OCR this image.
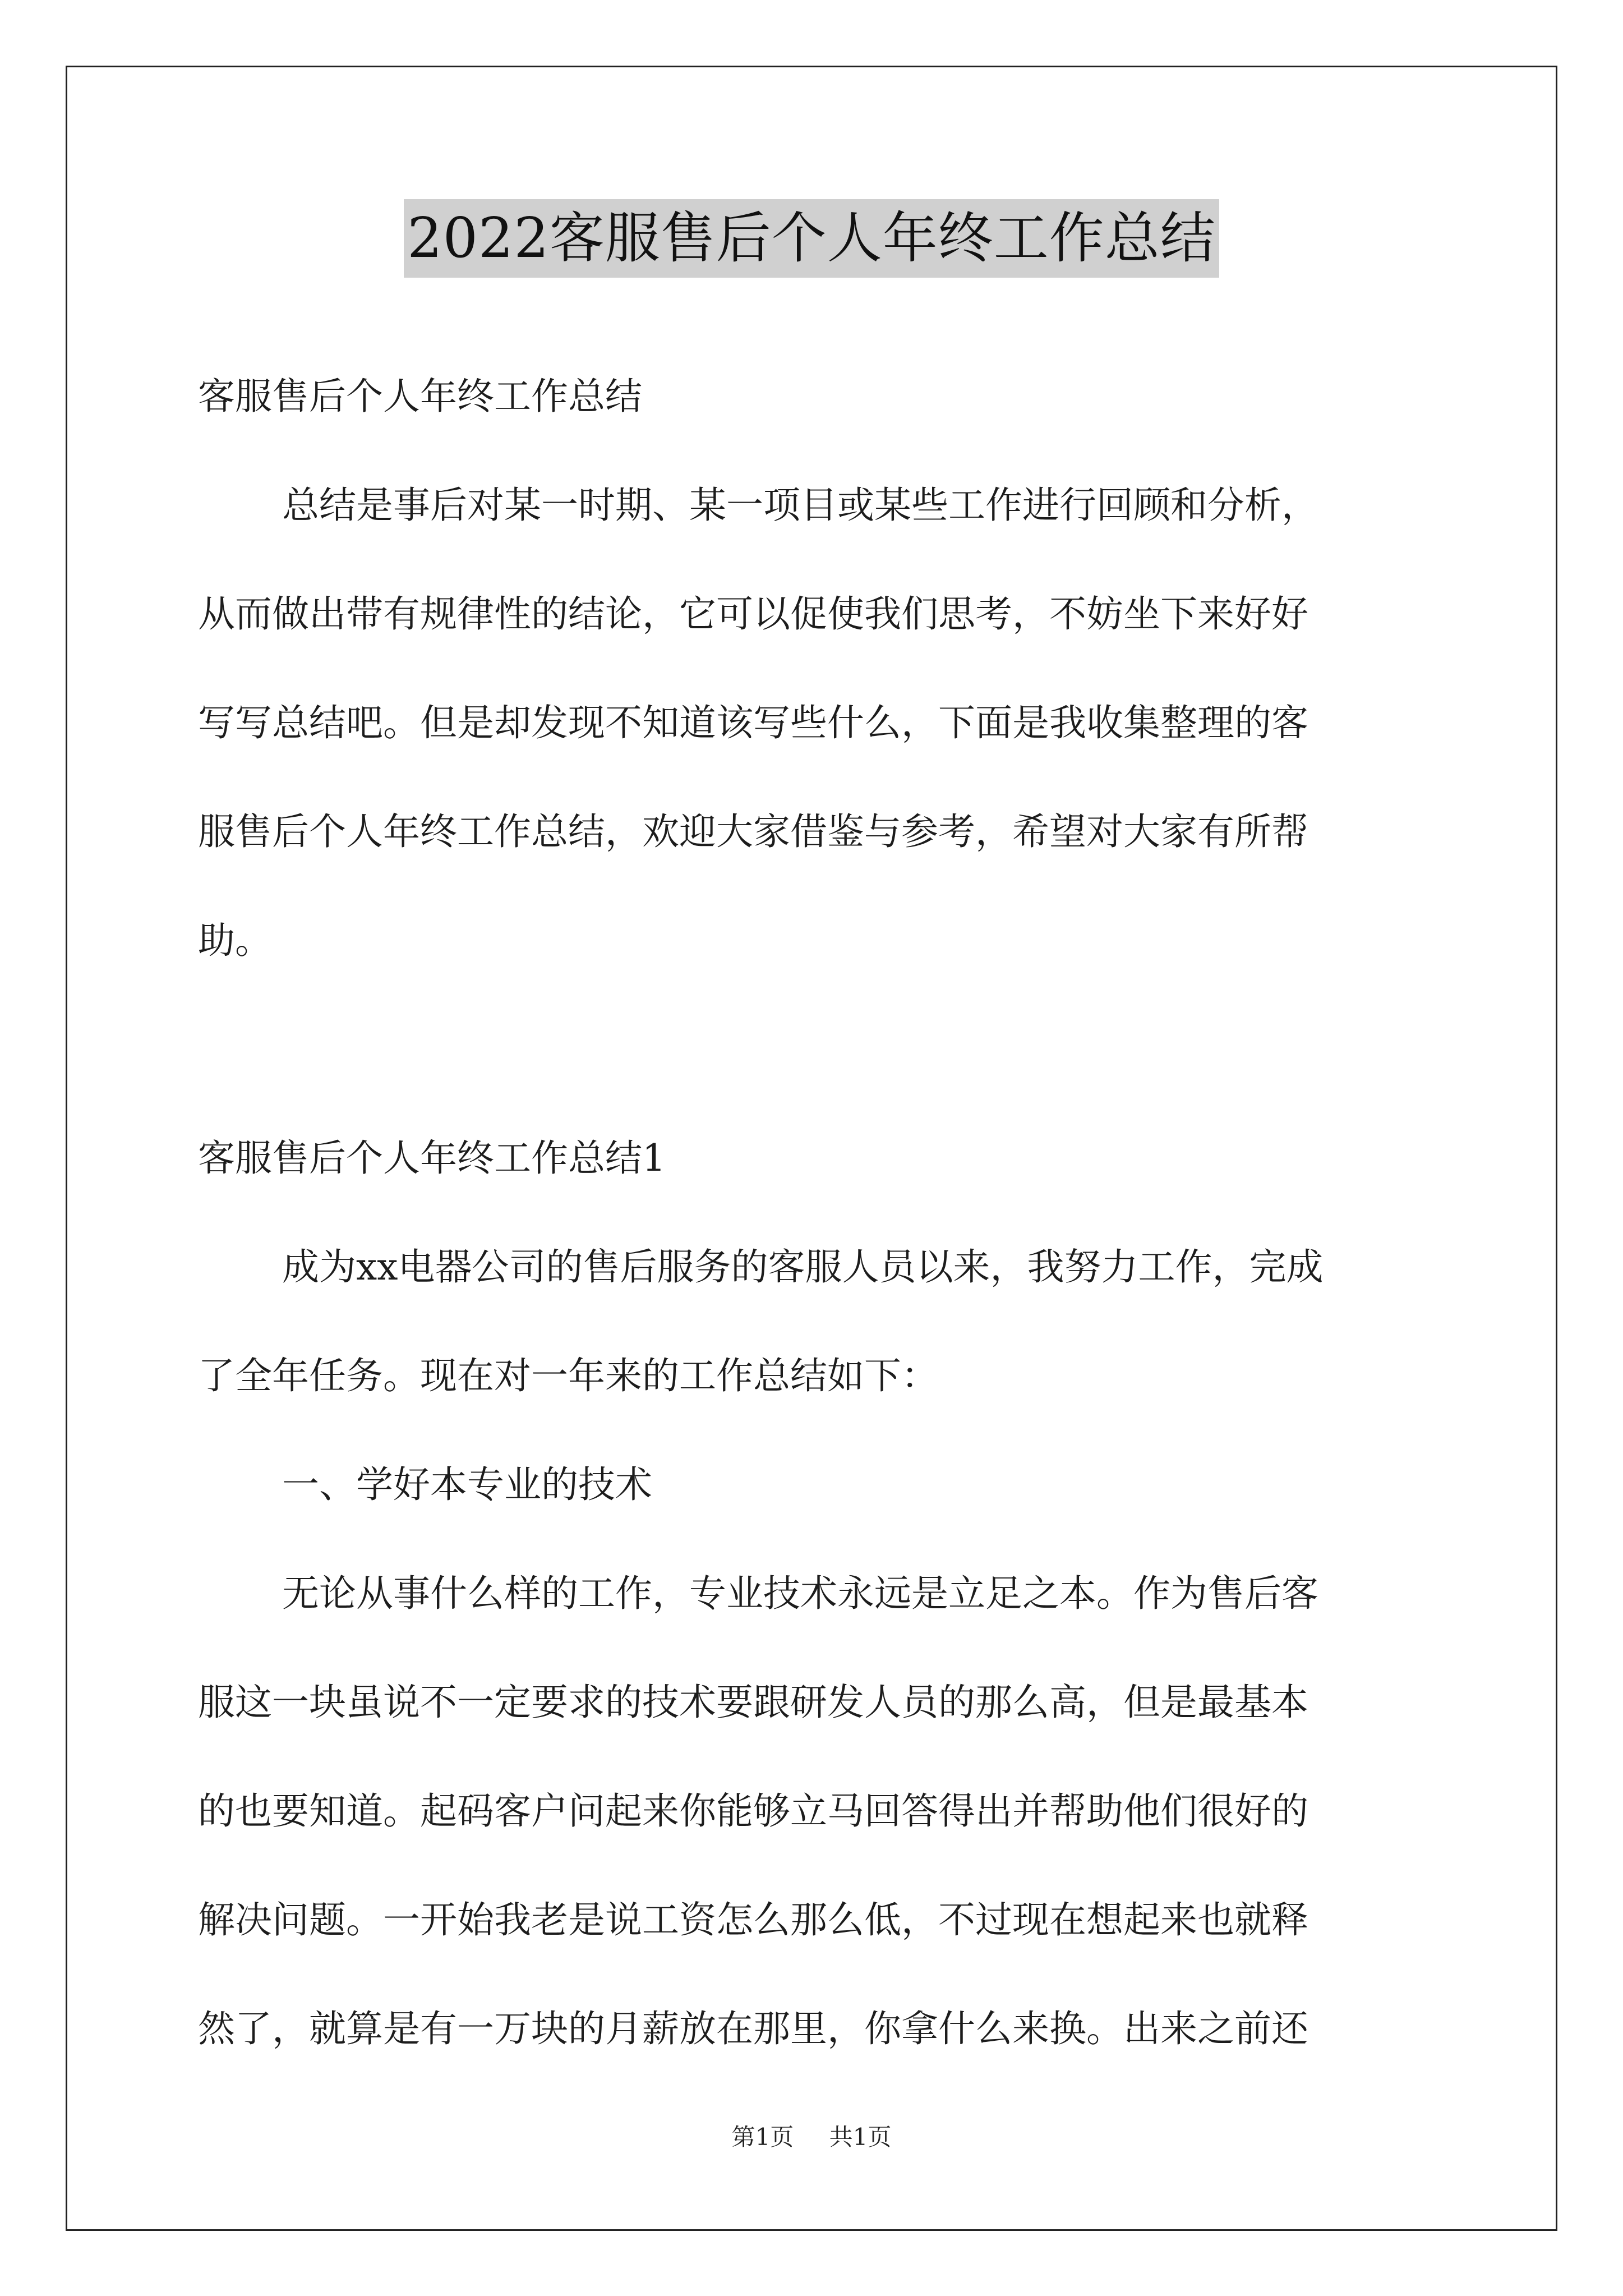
2022客服售后个人年终工作总结
客服售后个人年终工作总结
总结是事后对某一时期、某一项目或某些工作进行回顾和分析，
从而做出带有规律性的结论，它可以促使我们思考，不妨坐下来好好
写写总结吧。但是却发现不知道该写些什么，下面是我收集整理的客
服售后个人年终工作总结，欢迎大家借鉴与参考，希望对大家有所帮
助。
客服售后个人年终工作总结1
成为xx电器公司的售后服务的客服人员以来，我努力工作，完成
了全年任务。现在对一年来的工作总结如下：
一、学好本专业的技术
无论从事什么样的工作，专业技术永远是立足之本。作为售后客
服这一块虽说不一定要求的技术要跟研发人员的那么高，但是最基本
的也要知道。起码客户问起来你能够立马回答得出并帮助他们很好的
解决问题。一开始我老是说工资怎么那么低，不过现在想起来也就释
然了，就算是有一万块的月薪放在那里，你拿什么来换。出来之前还
第1页 共1页
